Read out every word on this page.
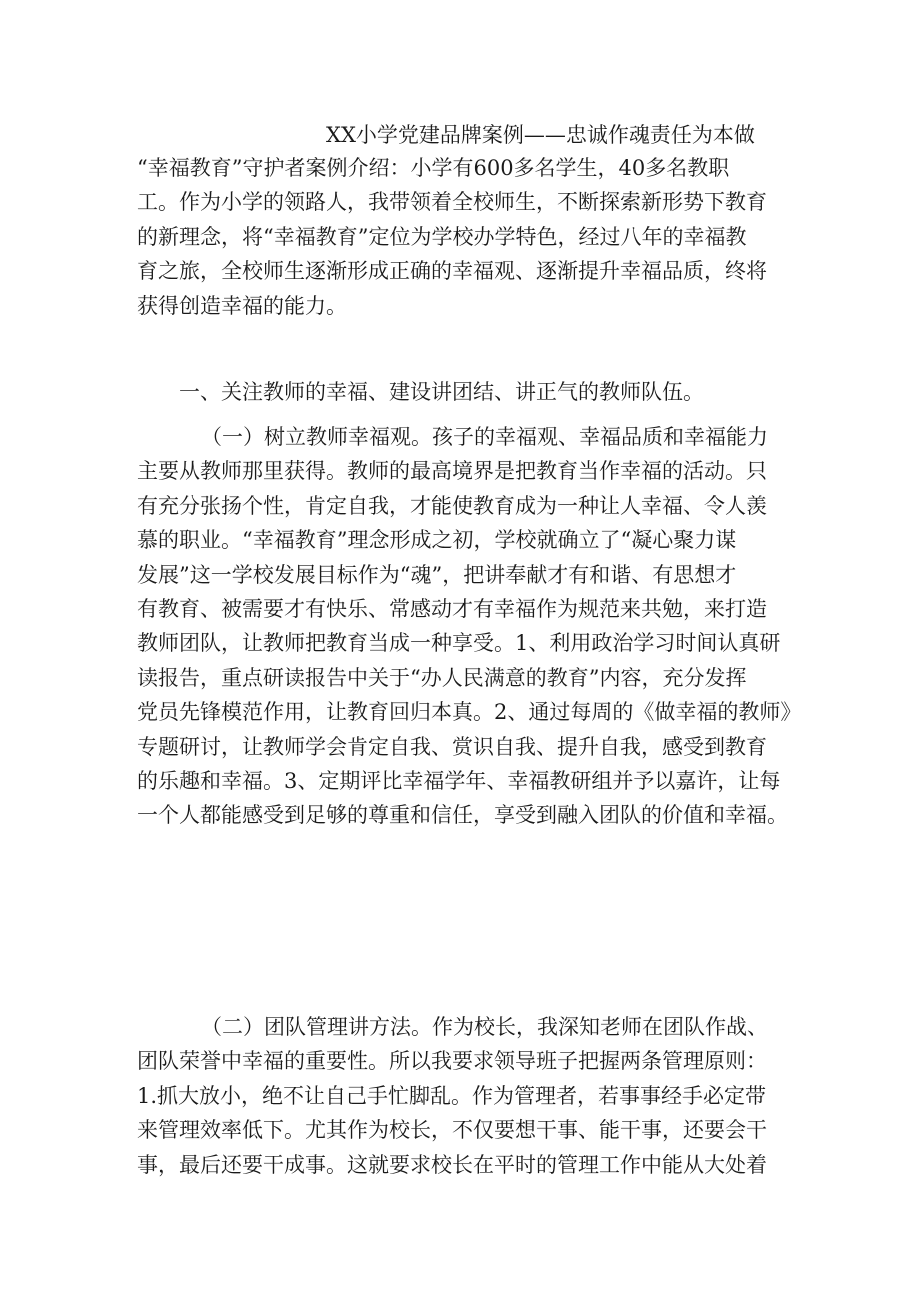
XX小学党建品牌案例——忠诚作魂责任为本做
“幸福教育”守护者案例介绍：小学有600多名学生，40多名教职
工。作为小学的领路人，我带领着全校师生，不断探索新形势下教育
的新理念，将“幸福教育”定位为学校办学特色，经过八年的幸福教
育之旅，全校师生逐渐形成正确的幸福观、逐渐提升幸福品质，终将
获得创造幸福的能力。
一、关注教师的幸福、建设讲团结、讲正气的教师队伍。
（一）树立教师幸福观。孩子的幸福观、幸福品质和幸福能力
主要从教师那里获得。教师的最高境界是把教育当作幸福的活动。只
有充分张扬个性，肯定自我，才能使教育成为一种让人幸福、令人羡
慕的职业。“幸福教育”理念形成之初，学校就确立了“凝心聚力谋
发展”这一学校发展目标作为“魂”，把讲奉献才有和谐、有思想才
有教育、被需要才有快乐、常感动才有幸福作为规范来共勉，来打造
教师团队，让教师把教育当成一种享受。1、利用政治学习时间认真研
读报告，重点研读报告中关于“办人民满意的教育”内容，充分发挥
党员先锋模范作用，让教育回归本真。2、通过每周的《做幸福的教师》
专题研讨，让教师学会肯定自我、赏识自我、提升自我，感受到教育
的乐趣和幸福。3、定期评比幸福学年、幸福教研组并予以嘉许，让每
一个人都能感受到足够的尊重和信任，享受到融入团队的价值和幸福。
（二）团队管理讲方法。作为校长，我深知老师在团队作战、
团队荣誉中幸福的重要性。所以我要求领导班子把握两条管理原则：
1.抓大放小，绝不让自己手忙脚乱。作为管理者，若事事经手必定带
来管理效率低下。尤其作为校长，不仅要想干事、能干事，还要会干
事，最后还要干成事。这就要求校长在平时的管理工作中能从大处着
